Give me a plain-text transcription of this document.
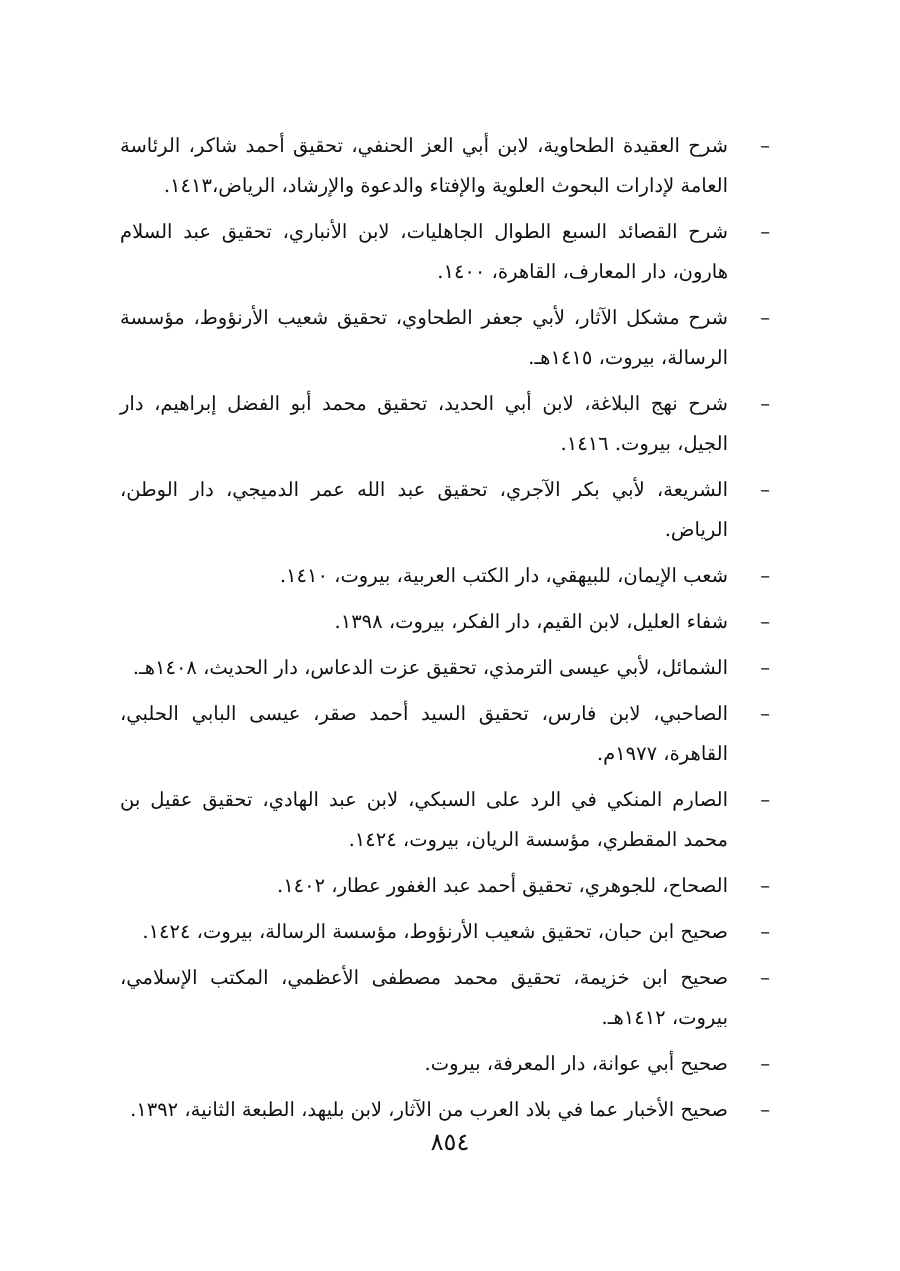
–
شرح العقيدة الطحاوية، لابن أبي العز الحنفي، تحقيق أحمد شاكر، الرئاسة العامة لإدارات البحوث العلوية والإفتاء والدعوة والإرشاد، الرياض،١٤١٣.
–
شرح القصائد السبع الطوال الجاهليات، لابن الأنباري، تحقيق عبد السلام هارون، دار المعارف، القاهرة، ١٤٠٠.
–
شرح مشكل الآثار، لأبي جعفر الطحاوي، تحقيق شعيب الأرنؤوط، مؤسسة الرسالة، بيروت، ١٤١٥هـ.
–
شرح نهج البلاغة، لابن أبي الحديد، تحقيق محمد أبو الفضل إبراهيم، دار الجيل، بيروت. ١٤١٦.
–
الشريعة، لأبي بكر الآجري، تحقيق عبد الله عمر الدميجي، دار الوطن، الرياض.
–
شعب الإيمان، للبيهقي، دار الكتب العربية، بيروت، ١٤١٠.
–
شفاء العليل، لابن القيم، دار الفكر، بيروت، ١٣٩٨.
–
الشمائل، لأبي عيسى الترمذي، تحقيق عزت الدعاس، دار الحديث، ١٤٠٨هـ.
–
الصاحبي، لابن فارس، تحقيق السيد أحمد صقر، عيسى البابي الحلبي، القاهرة، ١٩٧٧م.
–
الصارم المنكي في الرد على السبكي، لابن عبد الهادي، تحقيق عقيل بن محمد المقطري، مؤسسة الريان، بيروت، ١٤٢٤.
–
الصحاح، للجوهري، تحقيق أحمد عبد الغفور عطار، ١٤٠٢.
–
صحيح ابن حبان، تحقيق شعيب الأرنؤوط، مؤسسة الرسالة، بيروت، ١٤٢٤.
–
صحيح ابن خزيمة، تحقيق محمد مصطفى الأعظمي، المكتب الإسلامي، بيروت، ١٤١٢هـ.
–
صحيح أبي عوانة، دار المعرفة، بيروت.
–
صحيح الأخبار عما في بلاد العرب من الآثار، لابن بليهد، الطبعة الثانية، ١٣٩٢.
٨٥٤
